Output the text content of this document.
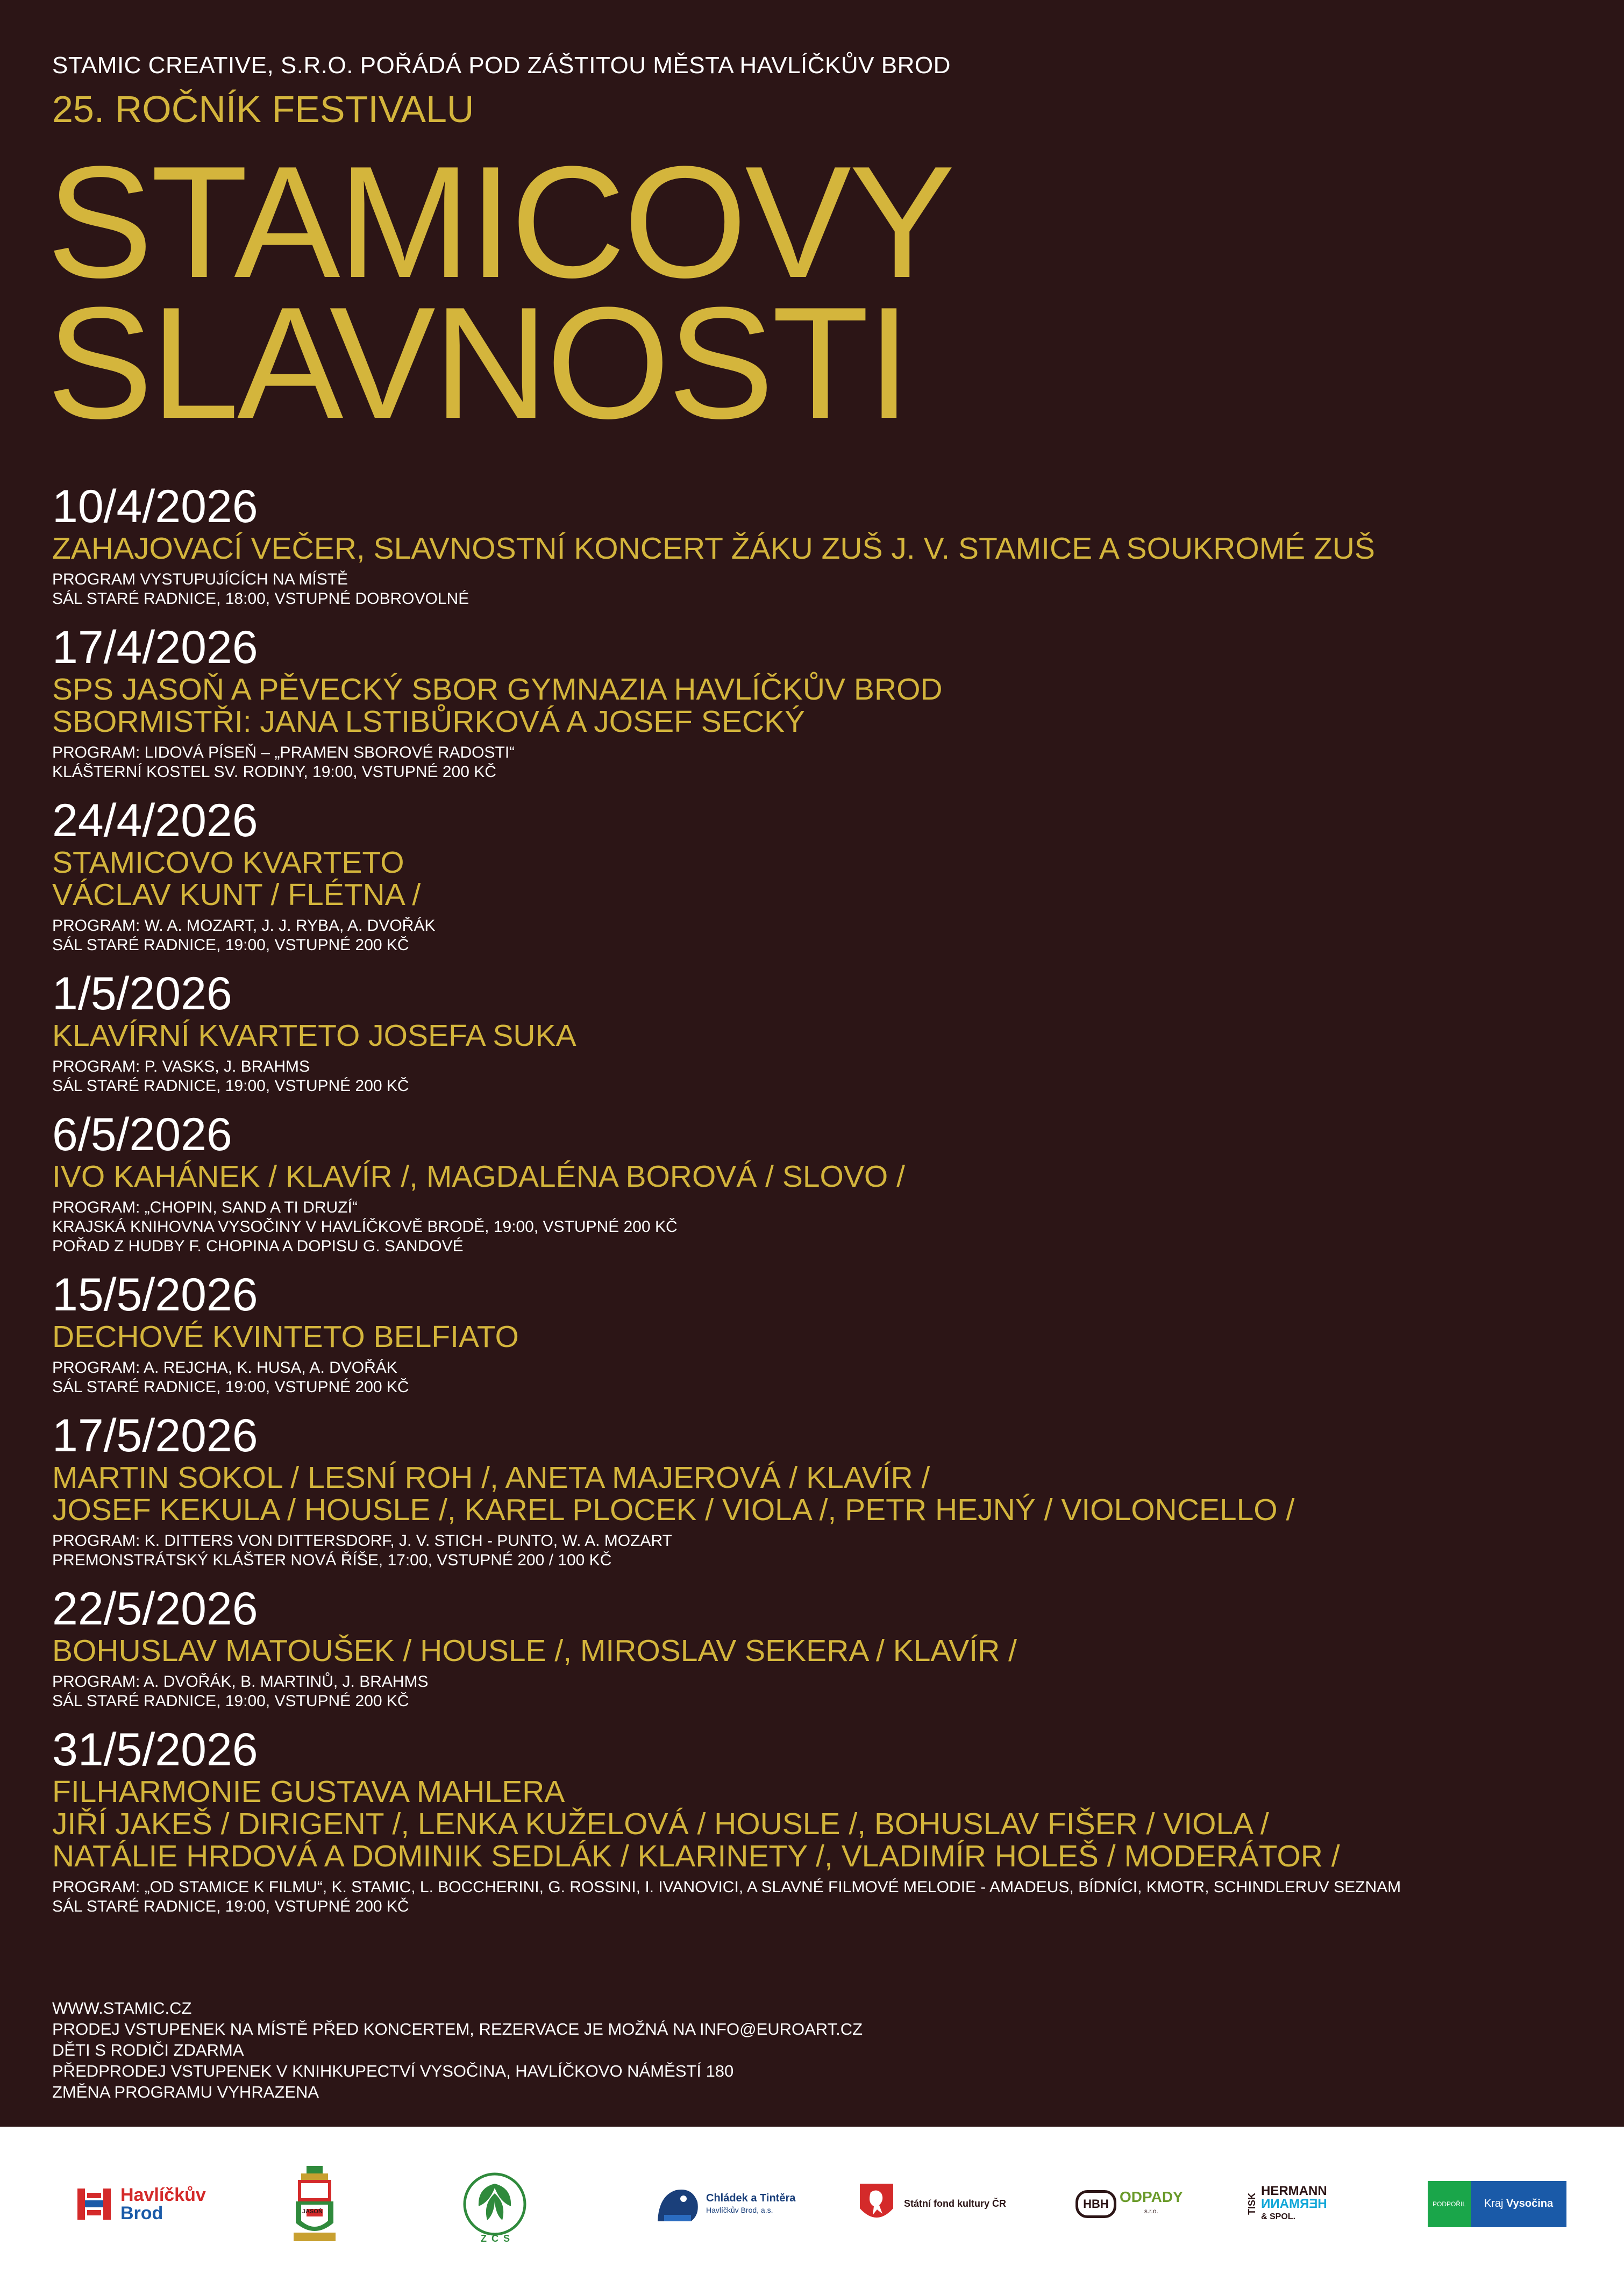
STAMIC CREATIVE, S.R.O. POŘÁDÁ POD ZÁŠTITOU MĚSTA HAVLÍČKŮV BROD

25. ROČNÍK FESTIVALU

STAMICOVY
SLAVNOSTI

10/4/2026

ZAHAJOVACÍ VEČER, SLAVNOSTNÍ KONCERT ŽÁKU ZUŠ J. V. STAMICE A SOUKROMÉ ZUŠ

PROGRAM VYSTUPUJÍCÍCH NA MÍSTĚ

SÁL STARÉ RADNICE, 18:00, VSTUPNÉ DOBROVOLNÉ

17/4/2026

SPS JASOŇ A PĚVECKÝ SBOR GYMNAZIA HAVLÍČKŮV BROD

SBORMISTŘI: JANA LSTIBŮRKOVÁ A JOSEF SECKÝ

PROGRAM: LIDOVÁ PÍSEŇ – „PRAMEN SBOROVÉ RADOSTI“

KLÁŠTERNÍ KOSTEL SV. RODINY, 19:00, VSTUPNÉ 200 KČ

24/4/2026

STAMICOVO KVARTETO

VÁCLAV KUNT / FLÉTNA /

PROGRAM: W. A. MOZART, J. J. RYBA, A. DVOŘÁK

SÁL STARÉ RADNICE, 19:00, VSTUPNÉ 200 KČ

1/5/2026

KLAVÍRNÍ KVARTETO JOSEFA SUKA

PROGRAM: P. VASKS, J. BRAHMS

SÁL STARÉ RADNICE, 19:00, VSTUPNÉ 200 KČ

6/5/2026

IVO KAHÁNEK / KLAVÍR /, MAGDALÉNA BOROVÁ / SLOVO /

PROGRAM: „CHOPIN, SAND A TI DRUZÍ“

KRAJSKÁ KNIHOVNA VYSOČINY V HAVLÍČKOVĚ BRODĚ, 19:00, VSTUPNÉ 200 KČ

POŘAD Z HUDBY F. CHOPINA A DOPISU G. SANDOVÉ

15/5/2026

DECHOVÉ KVINTETO BELFIATO

PROGRAM: A. REJCHA, K. HUSA, A. DVOŘÁK

SÁL STARÉ RADNICE, 19:00, VSTUPNÉ 200 KČ

17/5/2026

MARTIN SOKOL / LESNÍ ROH /, ANETA MAJEROVÁ / KLAVÍR /

JOSEF KEKULA / HOUSLE /, KAREL PLOCEK / VIOLA /, PETR HEJNÝ / VIOLONCELLO /

PROGRAM: K. DITTERS VON DITTERSDORF, J. V. STICH - PUNTO, W. A. MOZART

PREMONSTRÁTSKÝ KLÁŠTER NOVÁ ŘÍŠE, 17:00, VSTUPNÉ 200 / 100 KČ

22/5/2026

BOHUSLAV MATOUŠEK / HOUSLE /, MIROSLAV SEKERA / KLAVÍR /

PROGRAM: A. DVOŘÁK, B. MARTINŮ, J. BRAHMS

SÁL STARÉ RADNICE, 19:00, VSTUPNÉ 200 KČ

31/5/2026

FILHARMONIE GUSTAVA MAHLERA

JIŘÍ JAKEŠ / DIRIGENT /, LENKA KUŽELOVÁ / HOUSLE /, BOHUSLAV FIŠER / VIOLA /

NATÁLIE HRDOVÁ A DOMINIK SEDLÁK / KLARINETY /, VLADIMÍR HOLEŠ / MODERÁTOR /

PROGRAM: „OD STAMICE K FILMU“, K. STAMIC, L. BOCCHERINI, G. ROSSINI, I. IVANOVICI, A SLAVNÉ FILMOVÉ MELODIE - AMADEUS, BÍDNÍCI, KMOTR, SCHINDLERUV SEZNAM

SÁL STARÉ RADNICE, 19:00, VSTUPNÉ 200 KČ

WWW.STAMIC.CZ

PRODEJ VSTUPENEK NA MÍSTĚ PŘED KONCERTEM, REZERVACE JE MOŽNÁ NA INFO@EUROART.CZ

DĚTI S RODIČI ZDARMA

PŘEDPRODEJ VSTUPENEK V KNIHKUPECTVÍ VYSOČINA, HAVLÍČKOVO NÁMĚSTÍ 180

ZMĚNA PROGRAMU VYHRAZENA

Havlíčkův
Brod	JASOŇ
Z Č S
Chládek a Tintěra
Havlíčkův Brod, a.s.
Státní fond kultury ČR	HBH ODPADY
s.r.o.	TISK
HERMANN
HERMANN
& SPOL.
PODPOŘIL	Kraj
Vysočina
